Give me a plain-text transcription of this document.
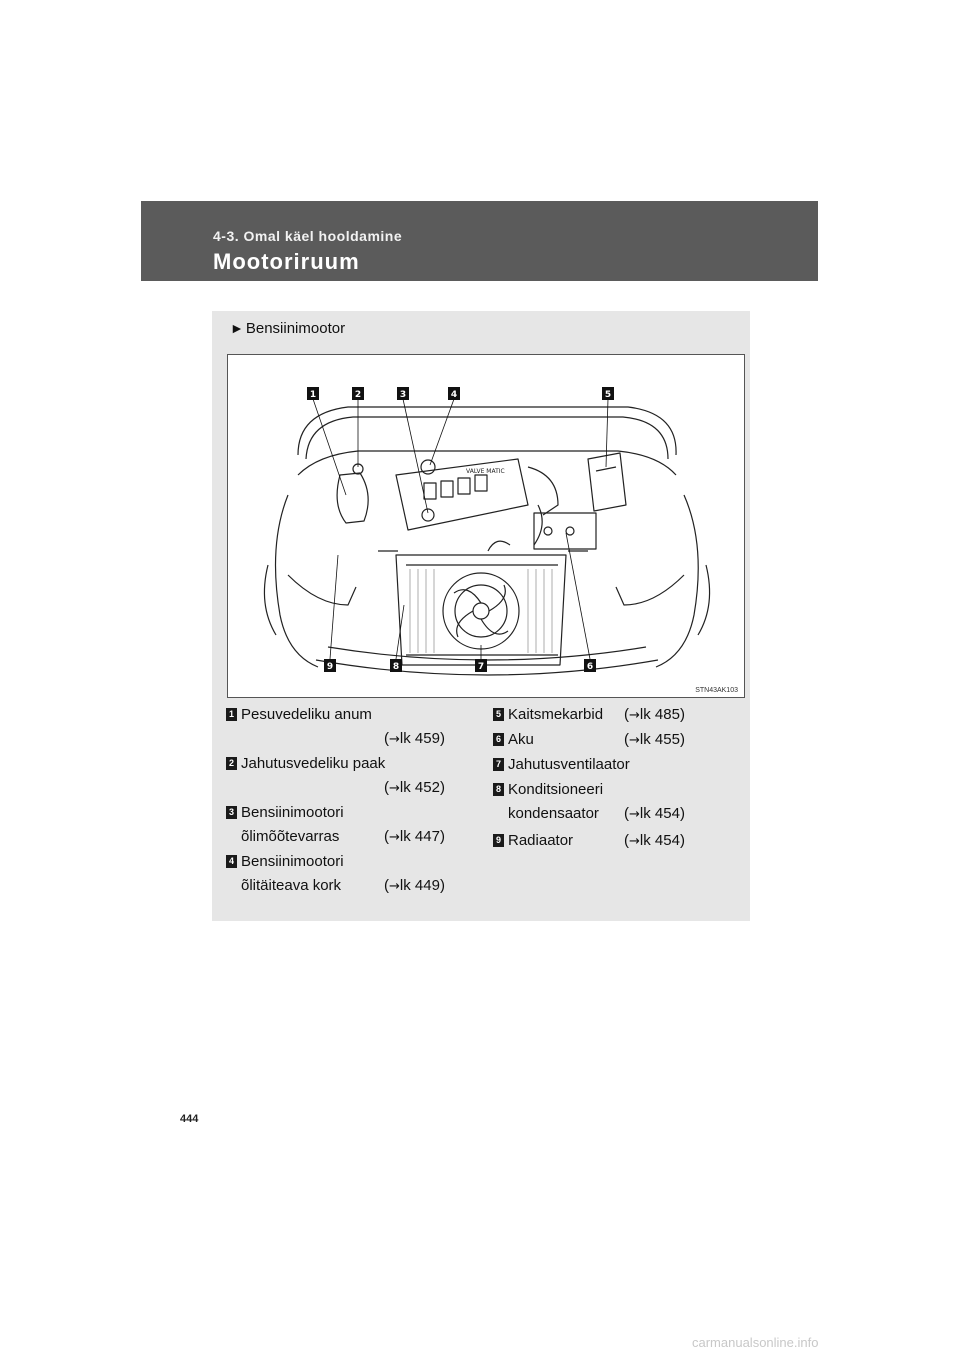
4-3. Omal käel hooldamine
Mootoriruum
► Bensiinimootor
VALVE MATIC
1	2	3	4	5
6
7
8
9
STN43AK103
1 Pesuvedeliku anum
(→lk 459)
2 Jahutusvedeliku paak
(→lk 452)
3 Bensiinimootori
õlimõõtevarras	(→lk 447)
4 Bensiinimootori
õlitäiteava kork	(→lk 449)
5 Kaitsmekarbid (→lk 485)
6 Aku	(→lk 455)
7 Jahutusventilaator
8 Konditsioneeri
kondensaator (→lk 454)
9 Radiaator	(→lk 454)
444
carmanualsonline.info
